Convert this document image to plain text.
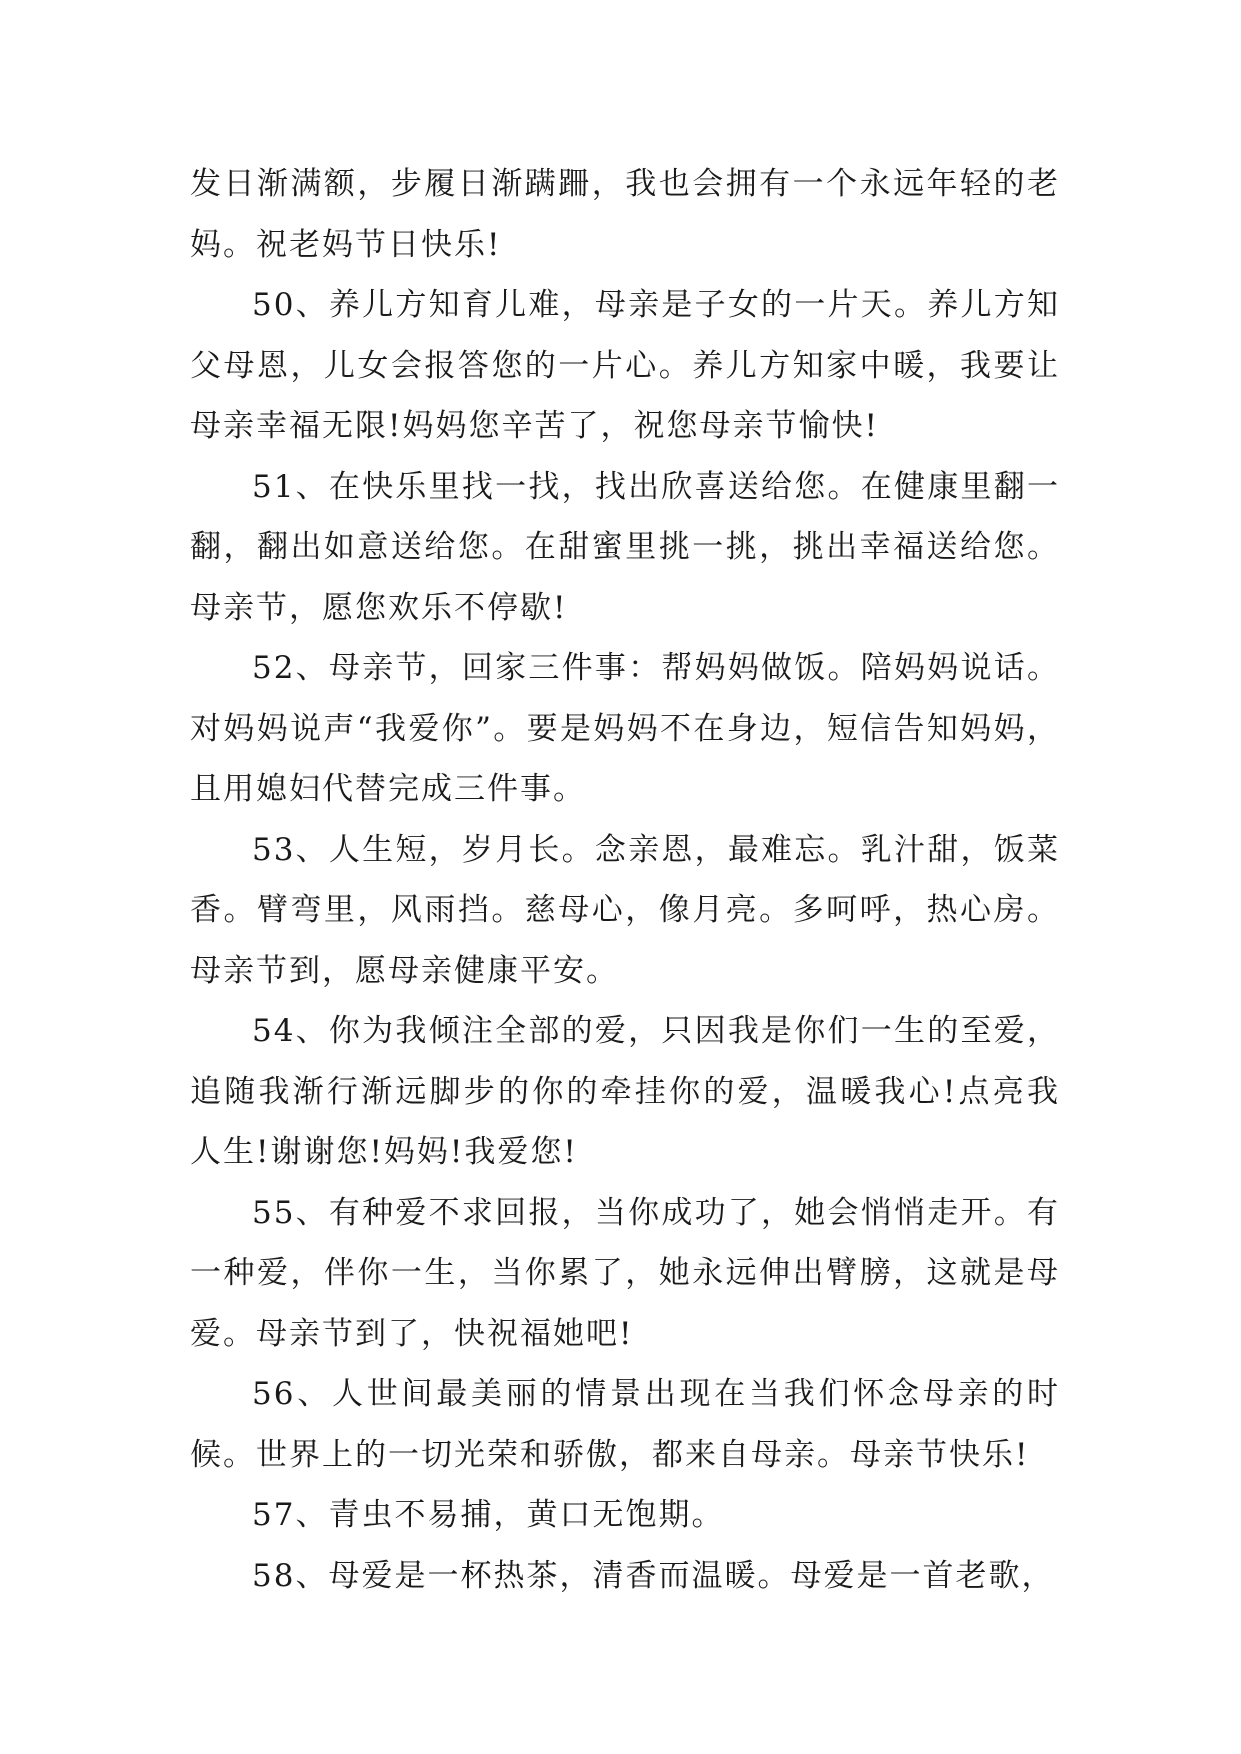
发日渐满额，步履日渐蹒跚，我也会拥有一个永远年轻的老妈。祝老妈节日快乐!

50、养儿方知育儿难，母亲是子女的一片天。养儿方知父母恩，儿女会报答您的一片心。养儿方知家中暖，我要让母亲幸福无限!妈妈您辛苦了，祝您母亲节愉快!

51、在快乐里找一找，找出欣喜送给您。在健康里翻一翻，翻出如意送给您。在甜蜜里挑一挑，挑出幸福送给您。母亲节，愿您欢乐不停歇!

52、母亲节，回家三件事：帮妈妈做饭。陪妈妈说话。对妈妈说声“我爱你”。要是妈妈不在身边，短信告知妈妈，且用媳妇代替完成三件事。

53、人生短，岁月长。念亲恩，最难忘。乳汁甜，饭菜香。臂弯里，风雨挡。慈母心，像月亮。多呵呼，热心房。母亲节到，愿母亲健康平安。

54、你为我倾注全部的爱，只因我是你们一生的至爱，追随我渐行渐远脚步的你的牵挂你的爱，温暖我心!点亮我人生!谢谢您!妈妈!我爱您!

55、有种爱不求回报，当你成功了，她会悄悄走开。有一种爱，伴你一生，当你累了，她永远伸出臂膀，这就是母爱。母亲节到了，快祝福她吧!

56、人世间最美丽的情景出现在当我们怀念母亲的时候。世界上的一切光荣和骄傲，都来自母亲。母亲节快乐!

57、青虫不易捕，黄口无饱期。

58、母爱是一杯热茶，清香而温暖。母爱是一首老歌，
